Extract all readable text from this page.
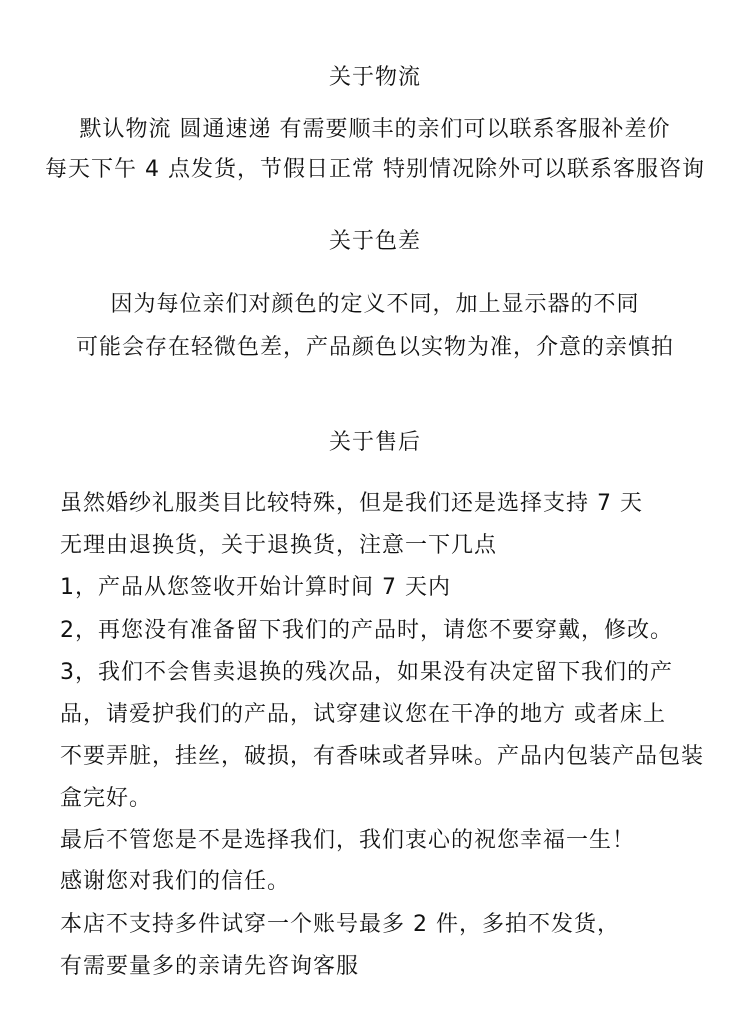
关于物流
默认物流 圆通速递 有需要顺丰的亲们可以联系客服补差价
每天下午 4 点发货，节假日正常 特别情况除外可以联系客服咨询
关于色差
因为每位亲们对颜色的定义不同，加上显示器的不同
可能会存在轻微色差，产品颜色以实物为准，介意的亲慎拍
关于售后
虽然婚纱礼服类目比较特殊，但是我们还是选择支持 7 天
无理由退换货，关于退换货，注意一下几点
1，产品从您签收开始计算时间 7 天内
2，再您没有准备留下我们的产品时，请您不要穿戴，修改。
3，我们不会售卖退换的残次品，如果没有决定留下我们的产
品，请爱护我们的产品，试穿建议您在干净的地方 或者床上
不要弄脏，挂丝，破损，有香味或者异味。产品内包装产品包装
盒完好。
最后不管您是不是选择我们，我们衷心的祝您幸福一生！
感谢您对我们的信任。
本店不支持多件试穿一个账号最多 2 件，多拍不发货，
有需要量多的亲请先咨询客服
